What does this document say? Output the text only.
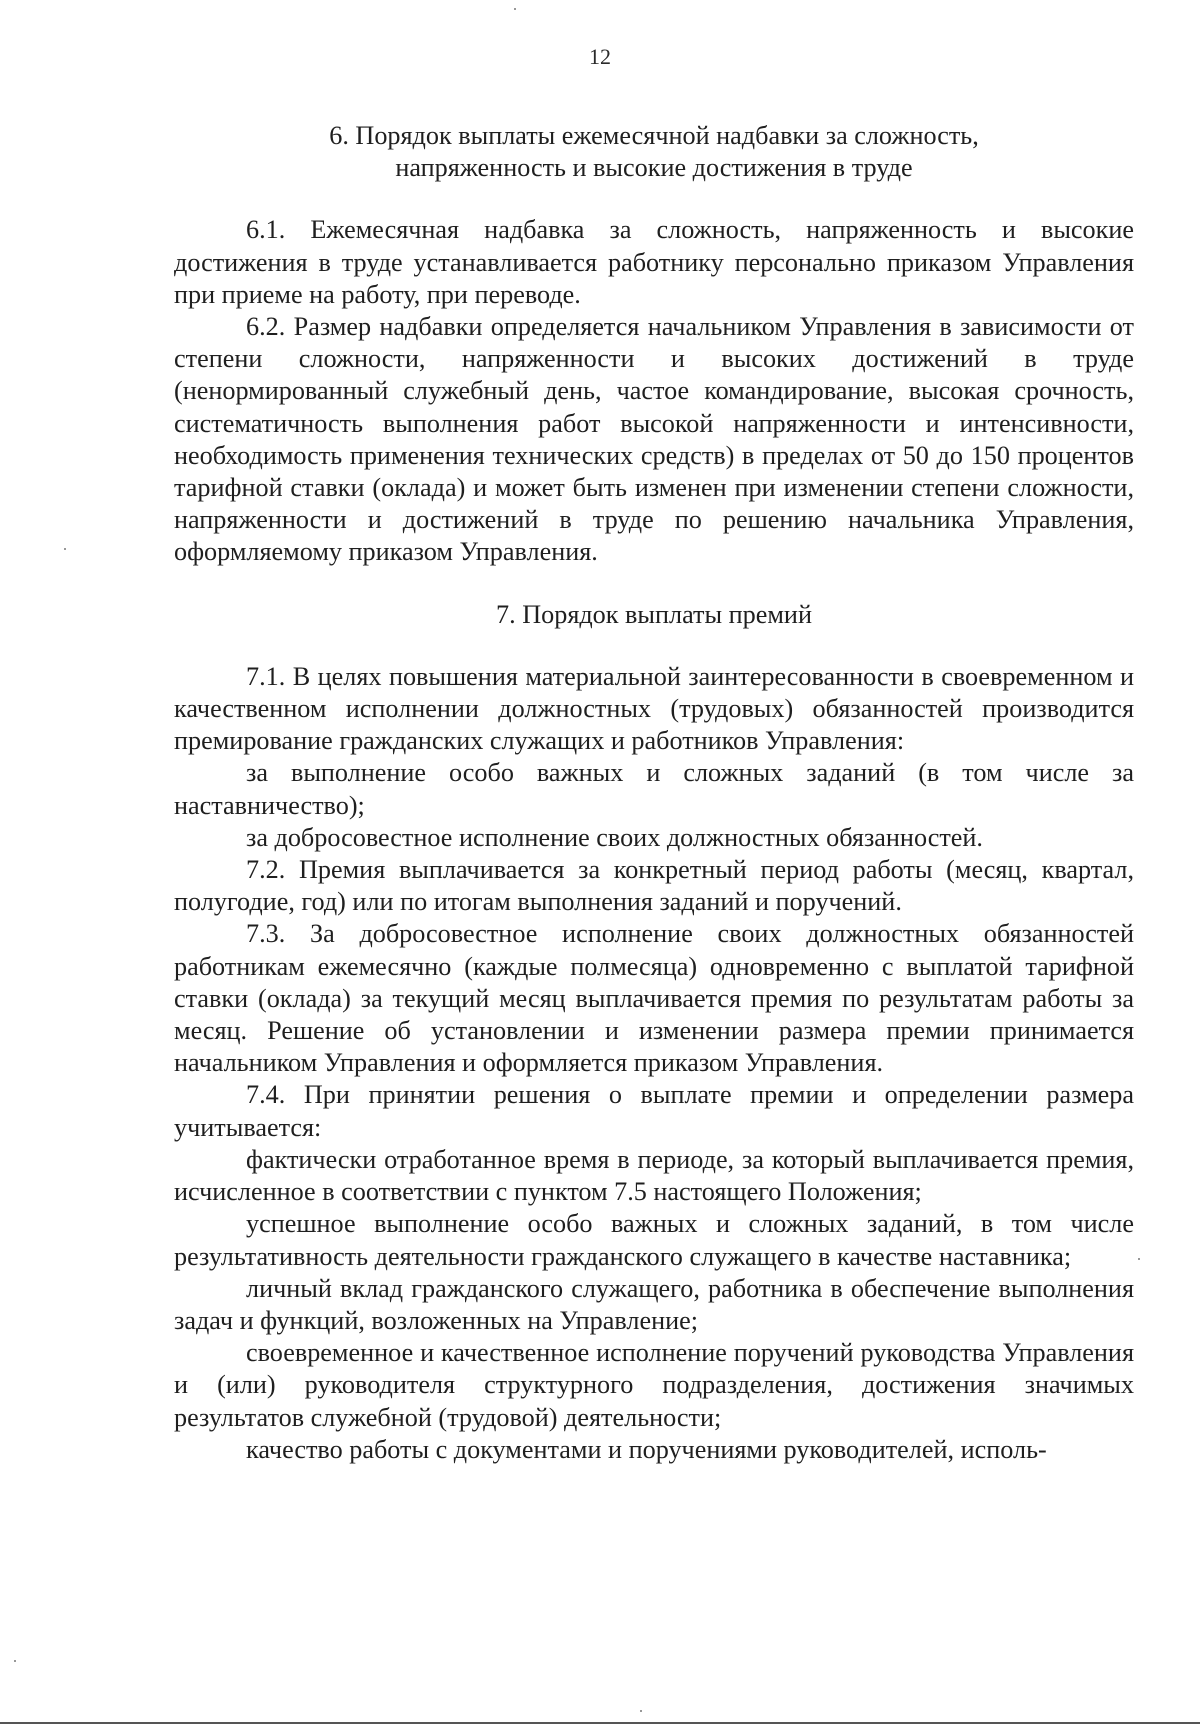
12
6. Порядок выплаты ежемесячной надбавки за сложность,
напряженность и высокие достижения в труде

6.1. Ежемесячная надбавка за сложность, напряженность и высокие достижения в труде устанавливается работнику персонально приказом Управления при приеме на работу, при переводе.

6.2. Размер надбавки определяется начальником Управления в зависимости от степени сложности, напряженности и высоких достижений в труде (ненормированный служебный день, частое командирование, высокая срочность, систематичность выполнения работ высокой напряженности и интенсивности, необходимость применения технических средств) в пределах от 50 до 150 процентов тарифной ставки (оклада) и может быть изменен при изменении степени сложности, напряженности и достижений в труде по решению начальника Управления, оформляемому приказом Управления.

7. Порядок выплаты премий

7.1. В целях повышения материальной заинтересованности в своевременном и качественном исполнении должностных (трудовых) обязанностей производится премирование гражданских служащих и работников Управления:

за выполнение особо важных и сложных заданий (в том числе за наставничество);

за добросовестное исполнение своих должностных обязанностей.

7.2. Премия выплачивается за конкретный период работы (месяц, квартал, полугодие, год) или по итогам выполнения заданий и поручений.

7.3. За добросовестное исполнение своих должностных обязанностей работникам ежемесячно (каждые полмесяца) одновременно с выплатой тарифной ставки (оклада) за текущий месяц выплачивается премия по результатам работы за месяц. Решение об установлении и изменении размера премии принимается начальником Управления и оформляется приказом Управления.

7.4. При принятии решения о выплате премии и определении размера учитывается:

фактически отработанное время в периоде, за который выплачивается премия, исчисленное в соответствии с пунктом 7.5 настоящего Положения;

успешное выполнение особо важных и сложных заданий, в том числе результативность деятельности гражданского служащего в качестве наставника;

личный вклад гражданского служащего, работника в обеспечение выполнения задач и функций, возложенных на Управление;

своевременное и качественное исполнение поручений руководства Управления и (или) руководителя структурного подразделения, достижения значимых результатов служебной (трудовой) деятельности;

качество работы с документами и поручениями руководителей, исполь-
